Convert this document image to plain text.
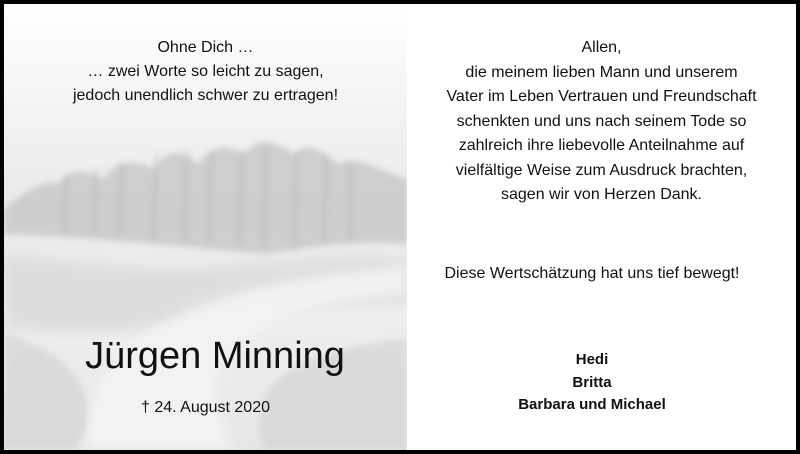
Ohne Dich …
… zwei Worte so leicht zu sagen,
jedoch unendlich schwer zu ertragen!
Jürgen Minning
† 24. August 2020
Allen,
die meinem lieben Mann und unserem
Vater im Leben Vertrauen und Freundschaft
schenkten und uns nach seinem Tode so
zahlreich ihre liebevolle Anteilnahme auf
vielfältige Weise zum Ausdruck brachten,
sagen wir von Herzen Dank.
Diese Wertschätzung hat uns tief bewegt!
Hedi
Britta
Barbara und Michael
